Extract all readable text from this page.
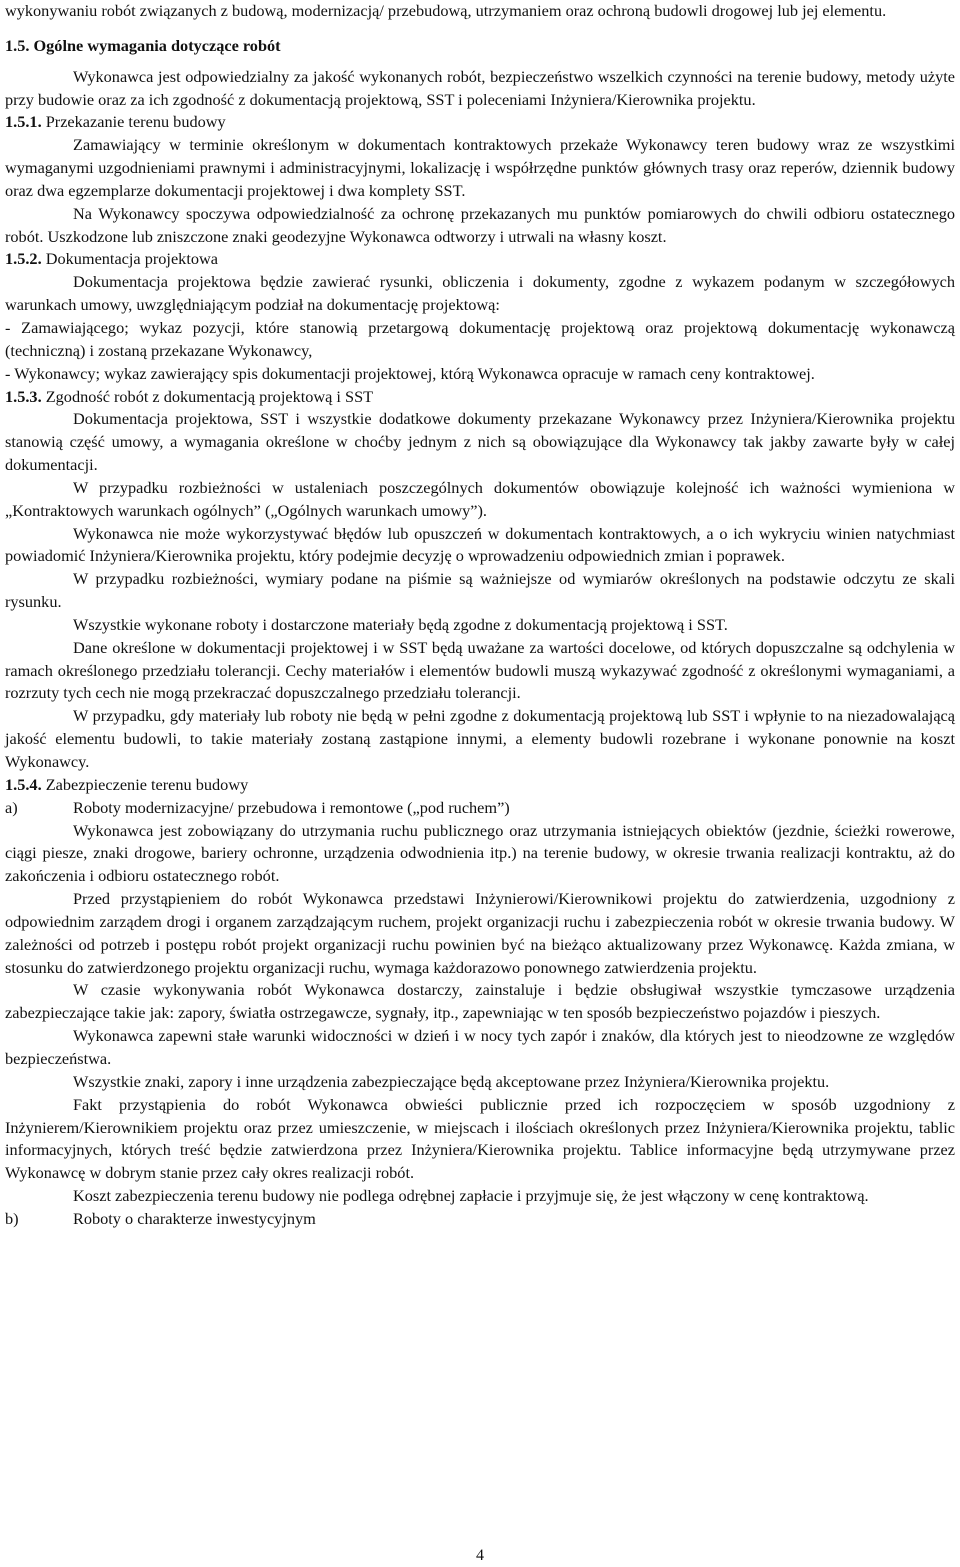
wykonywaniu robót związanych z budową, modernizacją/ przebudową, utrzymaniem oraz ochroną budowli drogowej lub jej elementu.

1.5. Ogólne wymagania dotyczące robót

Wykonawca jest odpowiedzialny za jakość wykonanych robót, bezpieczeństwo wszelkich czynności na terenie budowy, metody użyte przy budowie oraz za ich zgodność z dokumentacją projektową, SST i poleceniami Inżyniera/Kierownika projektu.

1.5.1. Przekazanie terenu budowy

Zamawiający w terminie określonym w dokumentach kontraktowych przekaże Wykonawcy teren budowy wraz ze wszystkimi wymaganymi uzgodnieniami prawnymi i administracyjnymi, lokalizację i współrzędne punktów głównych trasy oraz reperów, dziennik budowy oraz dwa egzemplarze dokumentacji projektowej i dwa komplety SST.

Na Wykonawcy spoczywa odpowiedzialność za ochronę przekazanych mu punktów pomiarowych do chwili odbioru ostatecznego robót. Uszkodzone lub zniszczone znaki geodezyjne Wykonawca odtworzy i utrwali na własny koszt.

1.5.2. Dokumentacja projektowa

Dokumentacja projektowa będzie zawierać rysunki, obliczenia i dokumenty, zgodne z wykazem podanym w szczegółowych warunkach umowy, uwzględniającym podział na dokumentację projektową:

- Zamawiającego; wykaz pozycji, które stanowią przetargową dokumentację projektową oraz projektową dokumentację wykonawczą (techniczną) i zostaną przekazane Wykonawcy,

- Wykonawcy; wykaz zawierający spis dokumentacji projektowej, którą Wykonawca opracuje w ramach ceny kontraktowej.

1.5.3. Zgodność robót z dokumentacją projektową i SST

Dokumentacja projektowa, SST i wszystkie dodatkowe dokumenty przekazane Wykonawcy przez Inżyniera/Kierownika projektu stanowią część umowy, a wymagania określone w choćby jednym z nich są obowiązujące dla Wykonawcy tak jakby zawarte były w całej dokumentacji.

W przypadku rozbieżności w ustaleniach poszczególnych dokumentów obowiązuje kolejność ich ważności wymieniona w „Kontraktowych warunkach ogólnych” („Ogólnych warunkach umowy”).

Wykonawca nie może wykorzystywać błędów lub opuszczeń w dokumentach kontraktowych, a o ich wykryciu winien natychmiast powiadomić Inżyniera/Kierownika projektu, który podejmie decyzję o wprowadzeniu odpowiednich zmian i poprawek.

W przypadku rozbieżności, wymiary podane na piśmie są ważniejsze od wymiarów określonych na podstawie odczytu ze skali rysunku.

Wszystkie wykonane roboty i dostarczone materiały będą zgodne z dokumentacją projektową i SST.

Dane określone w dokumentacji projektowej i w SST będą uważane za wartości docelowe, od których dopuszczalne są odchylenia w ramach określonego przedziału tolerancji. Cechy materiałów i elementów budowli muszą wykazywać zgodność z określonymi wymaganiami, a rozrzuty tych cech nie mogą przekraczać dopuszczalnego przedziału tolerancji.

W przypadku, gdy materiały lub roboty nie będą w pełni zgodne z dokumentacją projektową lub SST i wpłynie to na niezadowalającą jakość elementu budowli, to takie materiały zostaną zastąpione innymi, a elementy budowli rozebrane i wykonane ponownie na koszt Wykonawcy.

1.5.4. Zabezpieczenie terenu budowy

a)	Roboty modernizacyjne/ przebudowa i remontowe („pod ruchem”)

Wykonawca jest zobowiązany do utrzymania ruchu publicznego oraz utrzymania istniejących obiektów (jezdnie, ścieżki rowerowe, ciągi piesze, znaki drogowe, bariery ochronne, urządzenia odwodnienia itp.) na terenie budowy, w okresie trwania realizacji kontraktu, aż do zakończenia i odbioru ostatecznego robót.

Przed przystąpieniem do robót Wykonawca przedstawi Inżynierowi/Kierownikowi projektu do zatwierdzenia, uzgodniony z odpowiednim zarządem drogi i organem zarządzającym ruchem, projekt organizacji ruchu i zabezpieczenia robót w okresie trwania budowy. W zależności od potrzeb i postępu robót projekt organizacji ruchu powinien być na bieżąco aktualizowany przez Wykonawcę. Każda zmiana, w stosunku do zatwierdzonego projektu organizacji ruchu, wymaga każdorazowo ponownego zatwierdzenia projektu.

W czasie wykonywania robót Wykonawca dostarczy, zainstaluje i będzie obsługiwał wszystkie tymczasowe urządzenia zabezpieczające takie jak: zapory, światła ostrzegawcze, sygnały, itp., zapewniając w ten sposób bezpieczeństwo pojazdów i pieszych.

Wykonawca zapewni stałe warunki widoczności w dzień i w nocy tych zapór i znaków, dla których jest to nieodzowne ze względów bezpieczeństwa.

Wszystkie znaki, zapory i inne urządzenia zabezpieczające będą akceptowane przez Inżyniera/Kierownika projektu.

Fakt przystąpienia do robót Wykonawca obwieści publicznie przed ich rozpoczęciem w sposób uzgodniony z Inżynierem/Kierownikiem projektu oraz przez umieszczenie, w miejscach i ilościach określonych przez Inżyniera/Kierownika projektu, tablic informacyjnych, których treść będzie zatwierdzona przez Inżyniera/Kierownika projektu. Tablice informacyjne będą utrzymywane przez Wykonawcę w dobrym stanie przez cały okres realizacji robót.

Koszt zabezpieczenia terenu budowy nie podlega odrębnej zapłacie i przyjmuje się, że jest włączony w cenę kontraktową.

b)	Roboty o charakterze inwestycyjnym

4
